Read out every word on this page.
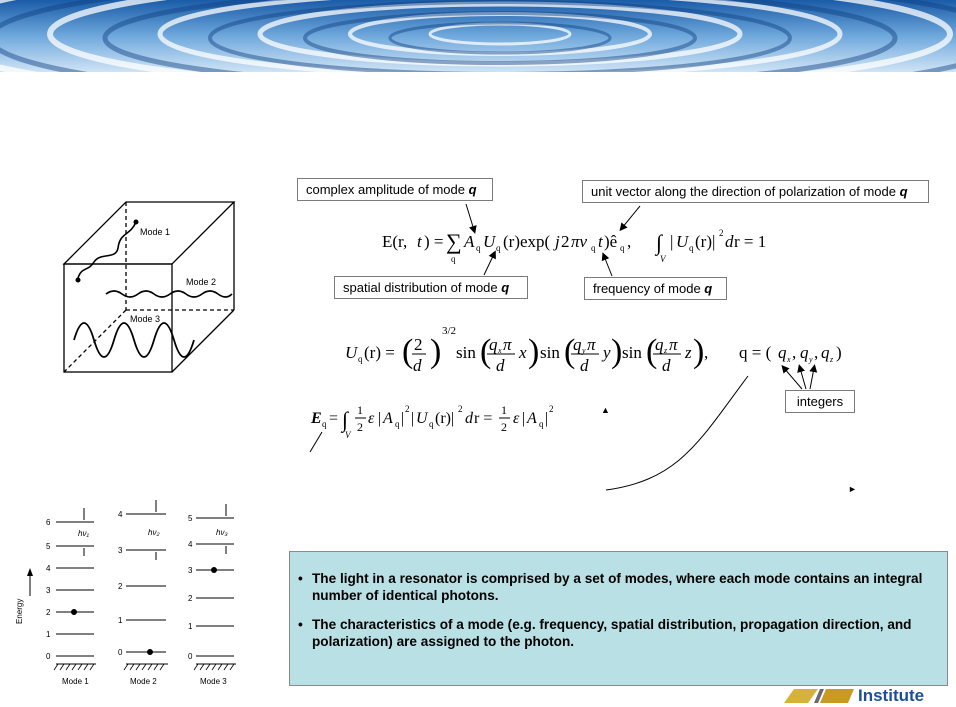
Mode 1
Mode 2
Mode 3
Energy
0
1
2
3
4
5
6
hν₁
Mode 1
0
1
2
3
4
hν₂
Mode 2
0
1
2
3
4
5
hν₃
Mode 3
complex amplitude of mode q	unit vector along the direction of polarization of mode q
spatial distribution of mode q	frequency of mode q
integers
E(r, t ) = ∑
q
A q U q (r)exp( j 2 πν q t )ê q , ∫
V
| U q (r)| 2 d r = 1
U q (r) = ( 2
d )
3/2
sin (
q x π
d
x ) sin (
q y π
d
y ) sin (
q z π
d
z ) , q = ( q x , q y , q z )
E q = ∫
V
1
2 ε | A q |
2
| U q (r)|
2
d r = 1
2 ε | A q |
2	▲
►
• The light in a resonator is comprised by a set of modes, where each mode contains an integral number of identical photons.
• The characteristics of a mode (e.g. frequency, spatial distribution, propagation direction, and polarization) are assigned to the photon.
Institute
